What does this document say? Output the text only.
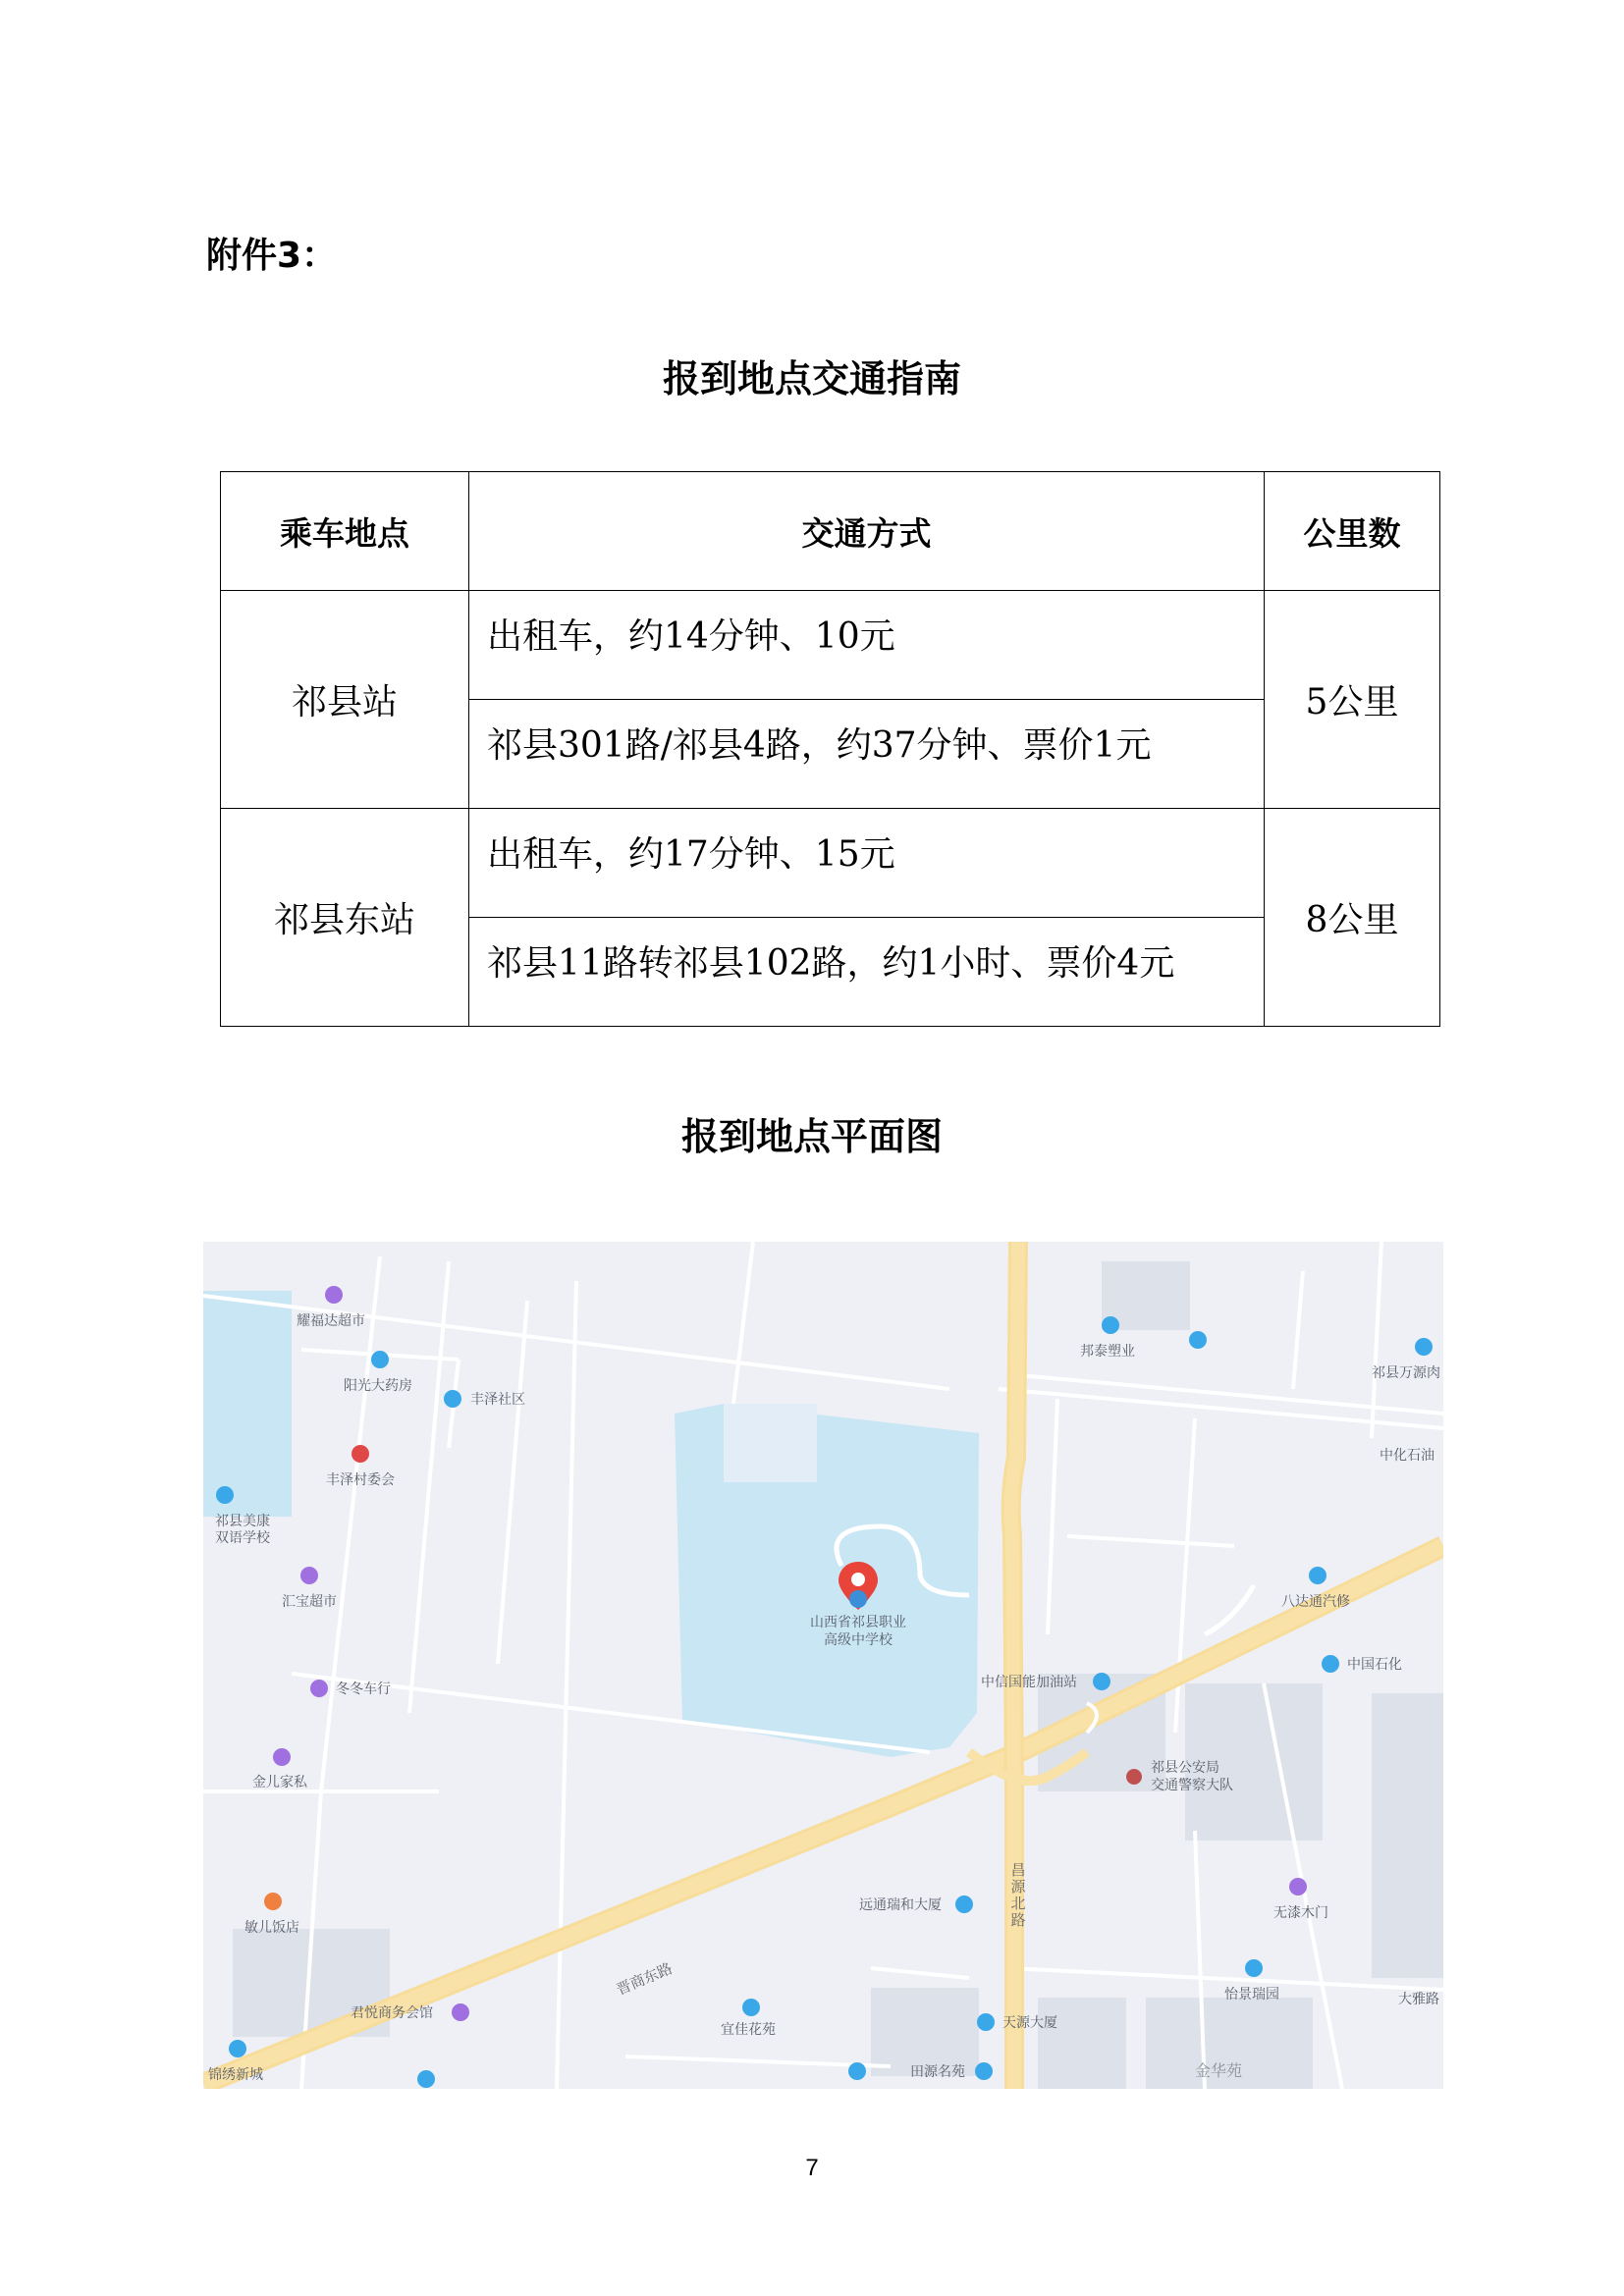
附件3：
报到地点交通指南
乘车地点	交通方式	公里数
祁县站	出租车，约14分钟、10元	5公里

	祁县301路/祁县4路，约37分钟、票价1元	

祁县东站	出租车，约17分钟、15元	8公里

	祁县11路转祁县102路，约1小时、票价4元	
报到地点平面图
晋商东路
昌
源
北
路
大雅路
山西省祁县职业
高级中学校
耀福达超市
阳光大药房
丰泽社区
丰泽村委会
祁县美康
双语学校
汇宝超市
冬冬车行
金儿家私
敏儿饭店
君悦商务会馆
锦绣新城
宜佳花苑
远通瑞和大厦
天源大厦
田源名苑
邦泰塑业
祁县万源肉
中化石油
八达通汽修
中国石化
中信国能加油站
祁县公安局
交通警察大队
无漆木门
怡景瑞园
金华苑
7
